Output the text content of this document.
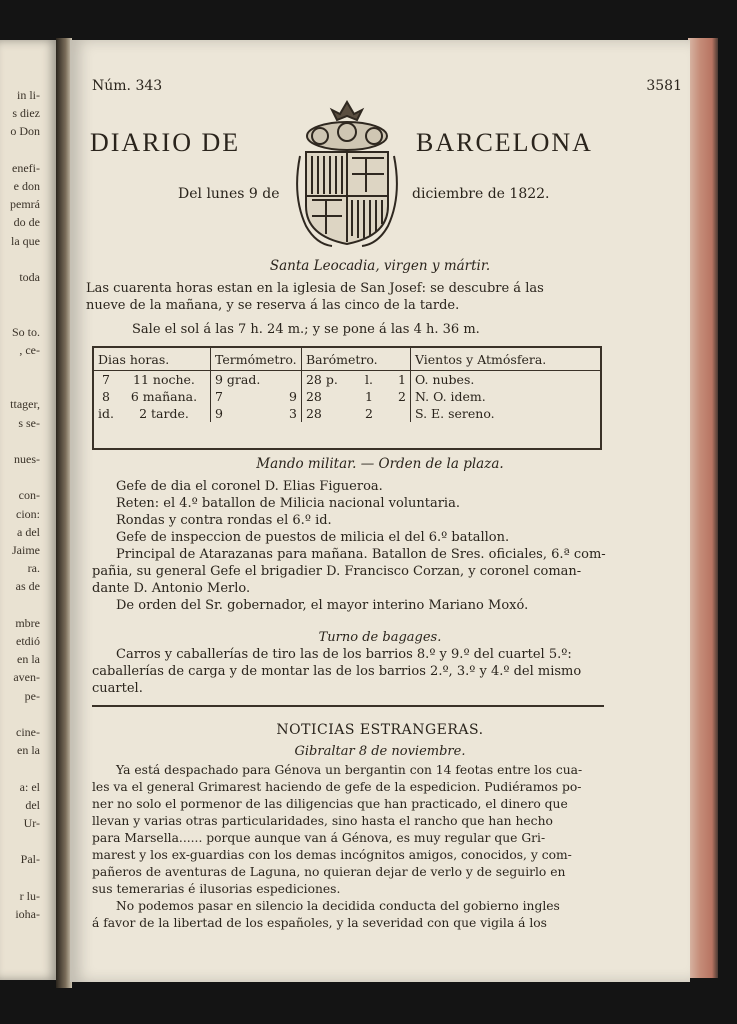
Núm. 343	3581
DIARIO DE	BARCELONA
Del lunes 9 de	diciembre de 1822.
Santa Leocadia, virgen y mártir.
Las cuarenta horas estan en la iglesia de San Josef: se descubre á las
nueve de la mañana, y se reserva á las cinco de la tarde.
Sale el sol á las 7 h. 24 m.; y se pone á las 4 h. 36 m.
Dias horas.		Termómetro.		Barómetro.			Vientos y Atmósfera.
7	11 noche.	9 grad.		28 p.	l.	1	O. nubes.
8	6 mañana.	7	9	28	1	2	N. O. idem.
id.	2 tarde.	9	3	28	2		S. E. sereno.
Mando militar. — Orden de la plaza.
Gefe de dia el coronel D. Elias Figueroa.
Reten: el 4.º batallon de Milicia nacional voluntaria.
Rondas y contra rondas el 6.º id.
Gefe de inspeccion de puestos de milicia el del 6.º batallon.
Principal de Atarazanas para mañana. Batallon de Sres. oficiales, 6.ª com-
pañia, su general Gefe el brigadier D. Francisco Corzan, y coronel coman-
dante D. Antonio Merlo.
De orden del Sr. gobernador, el mayor interino Mariano Moxó.
Turno de bagages.
Carros y caballerías de tiro las de los barrios 8.º y 9.º del cuartel 5.º:
caballerías de carga y de montar las de los barrios 2.º, 3.º y 4.º del mismo
cuartel.
NOTICIAS ESTRANGERAS.
Gibraltar 8 de noviembre.
Ya está despachado para Génova un bergantin con 14 feotas entre los cua-
les va el general Grimarest haciendo de gefe de la espedicion. Pudiéramos po-
ner no solo el pormenor de las diligencias que han practicado, el dinero que
llevan y varias otras particularidades, sino hasta el rancho que han hecho
para Marsella...... porque aunque van á Génova, es muy regular que Gri-
marest y los ex-guardias con los demas incógnitos amigos, conocidos, y com-
pañeros de aventuras de Laguna, no quieran dejar de verlo y de seguirlo en
sus temerarias é ilusorias espediciones.
No podemos pasar en silencio la decidida conducta del gobierno ingles
á favor de la libertad de los españoles, y la severidad con que vigila á los
in li-
s diez
o Don
enefi-
e don
pemrá
do de
la que
toda
So to.
, ce-
ttager,
s se-
nues-
con-
cion:
a del
Jaime
ra.
as de
mbre
etdió
en la
aven-
pe-
cine-
en la
a: el
del
Ur-
Pal-
r lu-
ioha-
